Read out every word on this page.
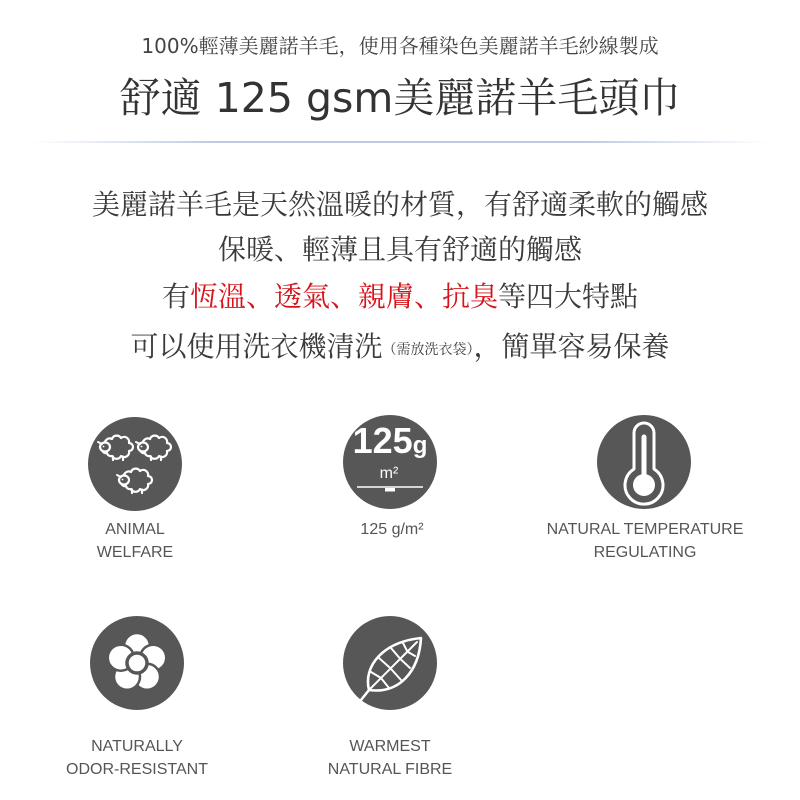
100%輕薄美麗諾羊毛，使用各種染色美麗諾羊毛紗線製成
舒適 125 gsm美麗諾羊毛頭巾
美麗諾羊毛是天然溫暖的材質，有舒適柔軟的觸感
保暖、輕薄且具有舒適的觸感
有恆溫、透氣、親膚、抗臭等四大特點
可以使用洗衣機清洗（需放洗衣袋），簡單容易保養
ANIMAL
WELFARE
125g
m²
125 g/m²	NATURAL TEMPERATURE
REGULATING
NATURALLY
ODOR-RESISTANT
WARMEST
NATURAL FIBRE
